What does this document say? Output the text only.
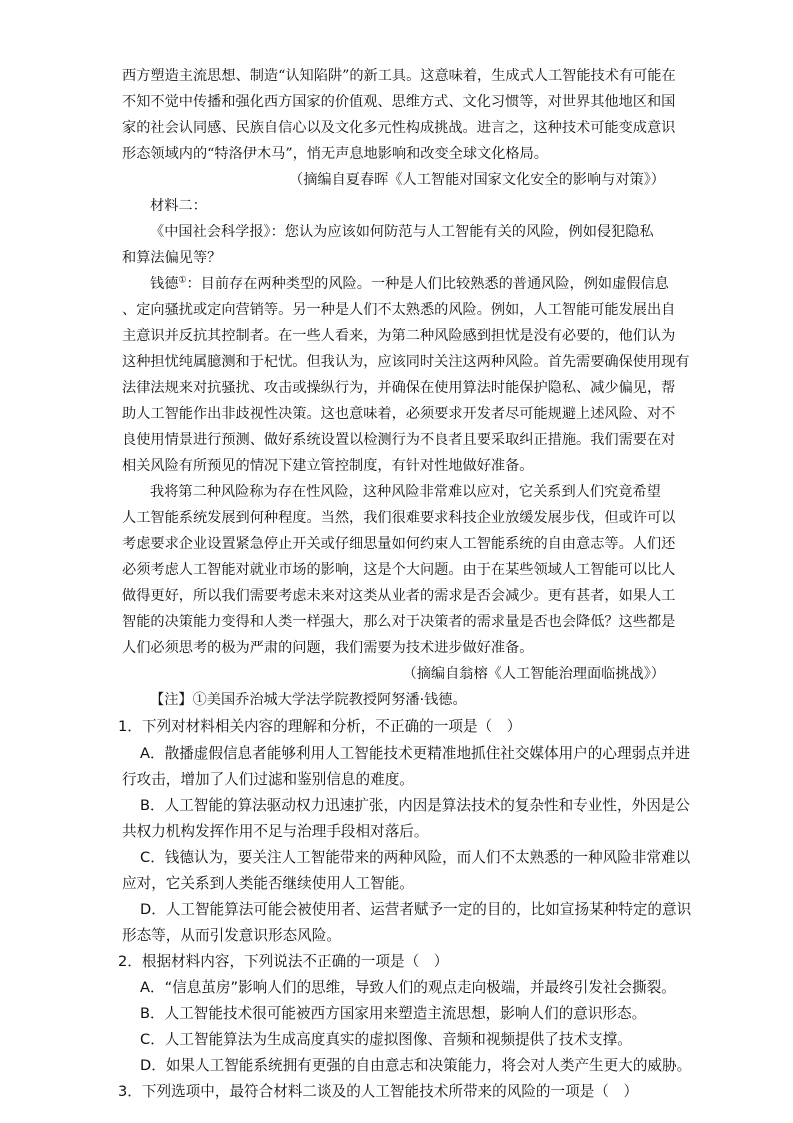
西方塑造主流思想、制造“认知陷阱”的新工具。这意味着，生成式人工智能技术有可能在
不知不觉中传播和强化西方国家的价值观、思维方式、文化习惯等，对世界其他地区和国
家的社会认同感、民族自信心以及文化多元性构成挑战。进言之，这种技术可能变成意识
形态领域内的“特洛伊木马”，悄无声息地影响和改变全球文化格局。
（摘编自夏春晖《人工智能对国家文化安全的影响与对策》）
材料二：
《中国社会科学报》：您认为应该如何防范与人工智能有关的风险，例如侵犯隐私
和算法偏见等？
钱德①：目前存在两种类型的风险。一种是人们比较熟悉的普通风险，例如虚假信息
、定向骚扰或定向营销等。另一种是人们不太熟悉的风险。例如，人工智能可能发展出自
主意识并反抗其控制者。在一些人看来，为第二种风险感到担忧是没有必要的，他们认为
这种担忧纯属臆测和于杞忧。但我认为，应该同时关注这两种风险。首先需要确保使用现有
法律法规来对抗骚扰、攻击或操纵行为，并确保在使用算法时能保护隐私、减少偏见，帮
助人工智能作出非歧视性决策。这也意味着，必须要求开发者尽可能规避上述风险、对不
良使用情景进行预测、做好系统设置以检测行为不良者且要采取纠正措施。我们需要在对
相关风险有所预见的情况下建立管控制度，有针对性地做好准备。
我将第二种风险称为存在性风险，这种风险非常难以应对，它关系到人们究竟希望
人工智能系统发展到何种程度。当然，我们很难要求科技企业放缓发展步伐，但或许可以
考虑要求企业设置紧急停止开关或仔细思量如何约束人工智能系统的自由意志等。人们还
必须考虑人工智能对就业市场的影响，这是个大问题。由于在某些领域人工智能可以比人
做得更好，所以我们需要考虑未来对这类从业者的需求是否会减少。更有甚者，如果人工
智能的决策能力变得和人类一样强大，那么对于决策者的需求量是否也会降低？这些都是
人们必须思考的极为严肃的问题，我们需要为技术进步做好准备。
（摘编自翁榕《人工智能治理面临挑战》）
【注】①美国乔治城大学法学院教授阿努潘·钱德。
1．下列对材料相关内容的理解和分析，不正确的一项是（　）
A．散播虚假信息者能够利用人工智能技术更精准地抓住社交媒体用户的心理弱点并进
行攻击，增加了人们过滤和鉴别信息的难度。
B．人工智能的算法驱动权力迅速扩张，内因是算法技术的复杂性和专业性，外因是公
共权力机构发挥作用不足与治理手段相对落后。
C．钱德认为，要关注人工智能带来的两种风险，而人们不太熟悉的一种风险非常难以
应对，它关系到人类能否继续使用人工智能。
D．人工智能算法可能会被使用者、运营者赋予一定的目的，比如宣扬某种特定的意识
形态等，从而引发意识形态风险。
2．根据材料内容，下列说法不正确的一项是（　）
A．“信息茧房”影响人们的思维，导致人们的观点走向极端，并最终引发社会撕裂。
B．人工智能技术很可能被西方国家用来塑造主流思想，影响人们的意识形态。
C．人工智能算法为生成高度真实的虚拟图像、音频和视频提供了技术支撑。
D．如果人工智能系统拥有更强的自由意志和决策能力，将会对人类产生更大的威胁。
3．下列选项中，最符合材料二谈及的人工智能技术所带来的风险的一项是（　）
